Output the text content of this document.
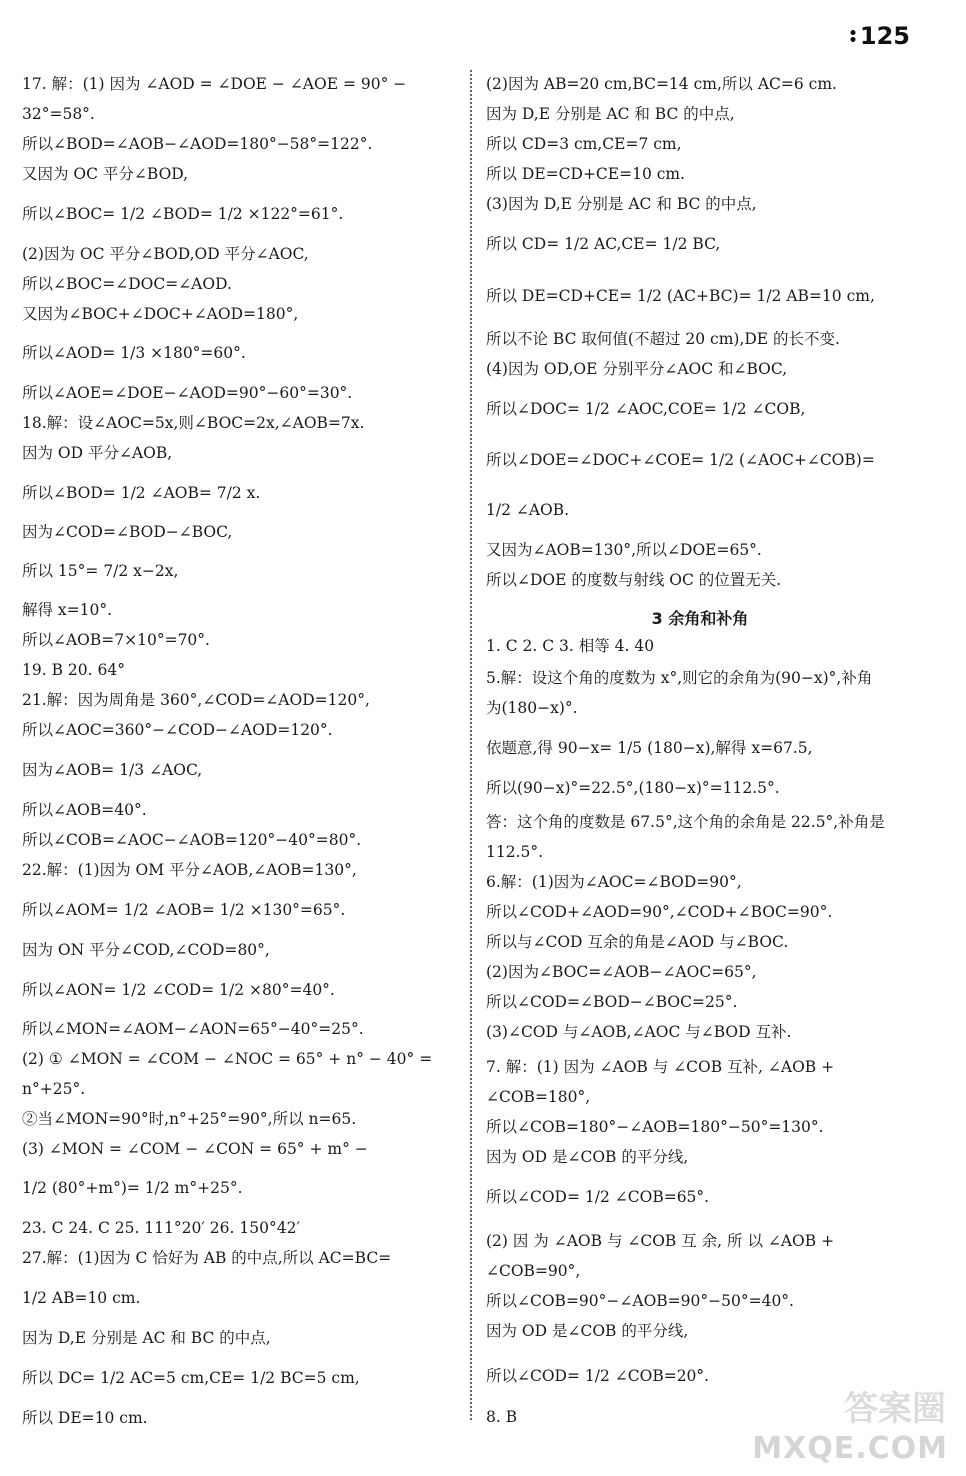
125
17. 解：(1) 因为 ∠AOD = ∠DOE − ∠AOE = 90° −
32°=58°.
所以∠BOD=∠AOB−∠AOD=180°−58°=122°.
又因为 OC 平分∠BOD,
所以∠BOC= 1/2 ∠BOD= 1/2 ×122°=61°.
(2)因为 OC 平分∠BOD,OD 平分∠AOC,
所以∠BOC=∠DOC=∠AOD.
又因为∠BOC+∠DOC+∠AOD=180°,
所以∠AOD= 1/3 ×180°=60°.
所以∠AOE=∠DOE−∠AOD=90°−60°=30°.
18.解：设∠AOC=5x,则∠BOC=2x,∠AOB=7x.
因为 OD 平分∠AOB,
所以∠BOD= 1/2 ∠AOB= 7/2 x.
因为∠COD=∠BOD−∠BOC,
所以 15°= 7/2 x−2x,
解得 x=10°.
所以∠AOB=7×10°=70°.
19. B 20. 64°
21.解：因为周角是 360°,∠COD=∠AOD=120°,
所以∠AOC=360°−∠COD−∠AOD=120°.
因为∠AOB= 1/3 ∠AOC,
所以∠AOB=40°.
所以∠COB=∠AOC−∠AOB=120°−40°=80°.
22.解：(1)因为 OM 平分∠AOB,∠AOB=130°,
所以∠AOM= 1/2 ∠AOB= 1/2 ×130°=65°.
因为 ON 平分∠COD,∠COD=80°,
所以∠AON= 1/2 ∠COD= 1/2 ×80°=40°.
所以∠MON=∠AOM−∠AON=65°−40°=25°.
(2) ① ∠MON = ∠COM − ∠NOC = 65° + n° − 40° =
n°+25°.
②当∠MON=90°时,n°+25°=90°,所以 n=65.
(3) ∠MON = ∠COM − ∠CON = 65° + m° −
1/2 (80°+m°)= 1/2 m°+25°.
23. C 24. C 25. 111°20′ 26. 150°42′
27.解：(1)因为 C 恰好为 AB 的中点,所以 AC=BC=
1/2 AB=10 cm.
因为 D,E 分别是 AC 和 BC 的中点,
所以 DC= 1/2 AC=5 cm,CE= 1/2 BC=5 cm,
所以 DE=10 cm.
(2)因为 AB=20 cm,BC=14 cm,所以 AC=6 cm.
因为 D,E 分别是 AC 和 BC 的中点,
所以 CD=3 cm,CE=7 cm,
所以 DE=CD+CE=10 cm.
(3)因为 D,E 分别是 AC 和 BC 的中点,
所以 CD= 1/2 AC,CE= 1/2 BC,
所以 DE=CD+CE= 1/2 (AC+BC)= 1/2 AB=10 cm,
所以不论 BC 取何值(不超过 20 cm),DE 的长不变.
(4)因为 OD,OE 分别平分∠AOC 和∠BOC,
所以∠DOC= 1/2 ∠AOC,COE= 1/2 ∠COB,
所以∠DOE=∠DOC+∠COE= 1/2 (∠AOC+∠COB)=
1/2 ∠AOB.
又因为∠AOB=130°,所以∠DOE=65°.
所以∠DOE 的度数与射线 OC 的位置无关.
3 余角和补角
1. C 2. C 3. 相等 4. 40
5.解：设这个角的度数为 x°,则它的余角为(90−x)°,补角
为(180−x)°.
依题意,得 90−x= 1/5 (180−x),解得 x=67.5,
所以(90−x)°=22.5°,(180−x)°=112.5°.
答：这个角的度数是 67.5°,这个角的余角是 22.5°,补角是
112.5°.
6.解：(1)因为∠AOC=∠BOD=90°,
所以∠COD+∠AOD=90°,∠COD+∠BOC=90°.
所以与∠COD 互余的角是∠AOD 与∠BOC.
(2)因为∠BOC=∠AOB−∠AOC=65°,
所以∠COD=∠BOD−∠BOC=25°.
(3)∠COD 与∠AOB,∠AOC 与∠BOD 互补.
7. 解：(1) 因为 ∠AOB 与 ∠COB 互补, ∠AOB +
∠COB=180°,
所以∠COB=180°−∠AOB=180°−50°=130°.
因为 OD 是∠COB 的平分线,
所以∠COD= 1/2 ∠COB=65°.
(2) 因 为 ∠AOB 与 ∠COB 互 余, 所 以 ∠AOB +
∠COB=90°,
所以∠COB=90°−∠AOB=90°−50°=40°.
因为 OD 是∠COB 的平分线,
所以∠COD= 1/2 ∠COB=20°.
8. B	答案圈
MXQE.COM
